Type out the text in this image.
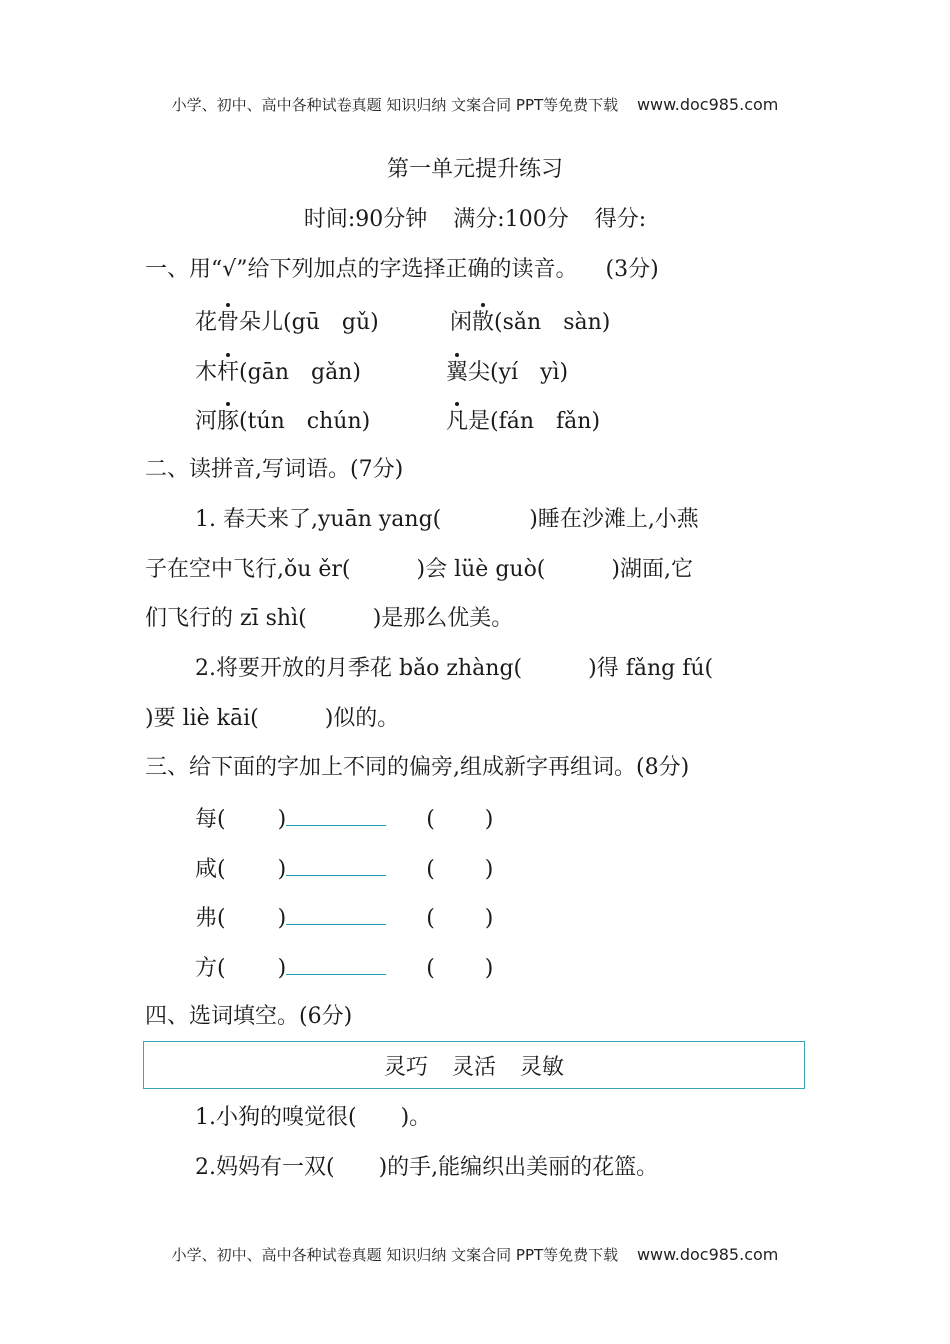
小学、初中、高中各种试卷真题 知识归纳 文案合同 PPT等免费下载 www.doc985.com
第一单元提升练习
时间:90分钟 满分:100分 得分:
一、用“√”给下列加点的字选择正确的读音。 (3分)
花骨朵儿(gū　gǔ)	闲散(sǎn　sàn)
木杆(gān　gǎn)	翼尖(yí　yì)
河豚(tún　chún)	凡是(fán　fǎn)
二、读拼音,写词语。(7分)
1. 春天来了,yuān yang(　　　　)睡在沙滩上,小燕
子在空中飞行,ǒu ěr(　　　)会 lüè guò(　　　)湖面,它
们飞行的 zī shì(　　　)是那么优美。
2.将要开放的月季花 bǎo zhàng(　　　)得 fǎng fú(
)要 liè kāi(　　　)似的。
三、给下面的字加上不同的偏旁,组成新字再组词。(8分)
每( )	( )
咸( )	( )
弗( )	( )
方( )	( )
四、选词填空。(6分)
灵巧 灵活 灵敏
1.小狗的嗅觉很(　　)。
2.妈妈有一双(　　)的手,能编织出美丽的花篮。
小学、初中、高中各种试卷真题 知识归纳 文案合同 PPT等免费下载 www.doc985.com
